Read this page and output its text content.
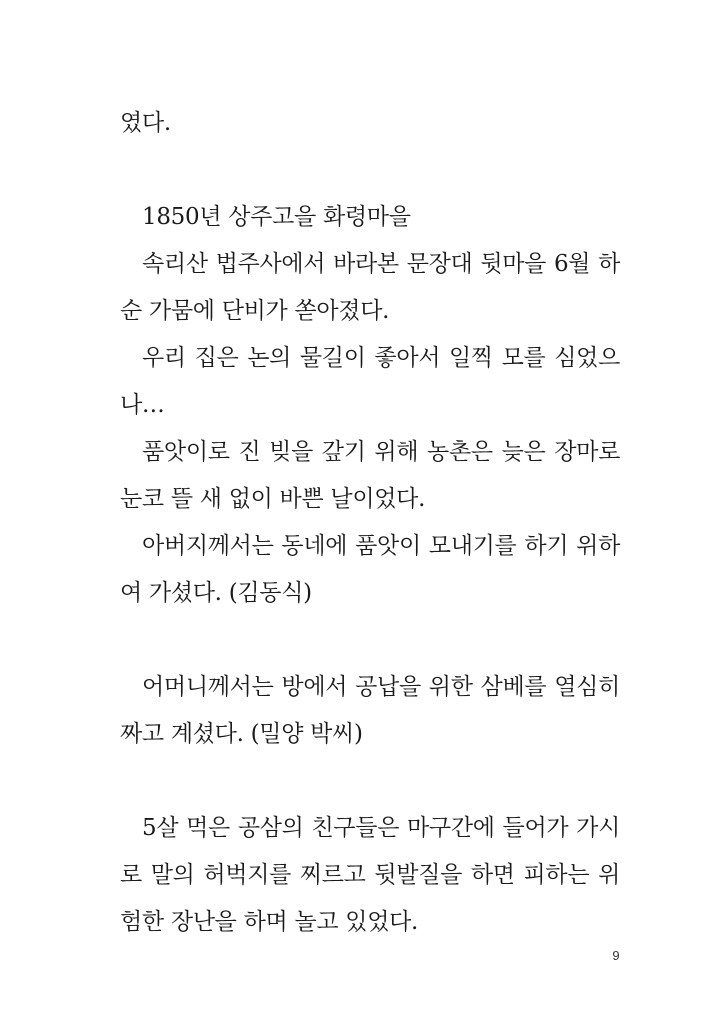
였다.
1850년 상주고을 화령마을
속리산 법주사에서 바라본 문장대 뒷마을 6월 하
순 가뭄에 단비가 쏟아졌다.
우리 집은 논의 물길이 좋아서 일찍 모를 심었으
나…
품앗이로 진 빚을 갚기 위해 농촌은 늦은 장마로
눈코 뜰 새 없이 바쁜 날이었다.
아버지께서는 동네에 품앗이 모내기를 하기 위하
여 가셨다. (김동식)
어머니께서는 방에서 공납을 위한 삼베를 열심히
짜고 계셨다. (밀양 박씨)
5살 먹은 공삼의 친구들은 마구간에 들어가 가시
로 말의 허벅지를 찌르고 뒷발질을 하면 피하는 위
험한 장난을 하며 놀고 있었다.
9
